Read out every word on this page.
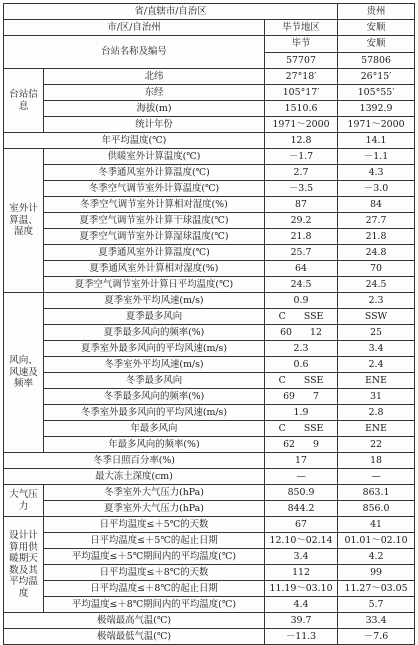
省/直辖市/自治区			贵州
市/区/自治州		毕节地区	安顺
台站名称及编号		毕节	安顺
		57707	57806
台站信息	北纬	27°18′	26°15′
	东经	105°17′	105°55′
	海拔(m)	1510.6	1392.9
	统计年份	1971～2000	1971～2000
年平均温度(℃)		12.8	14.1
室外计算温、湿度	供暖室外计算温度(℃)	－1.7	－1.1
	冬季通风室外计算温度(℃)	2.7	4.3
	冬季空气调节室外计算温度(℃)	－3.5	－3.0
	冬季空气调节室外计算相对湿度(%)	87	84
	夏季空气调节室外计算干球温度(℃)	29.2	27.7
	夏季空气调节室外计算湿球温度(℃)	21.8	21.8
	夏季通风室外计算温度(℃)	25.7	24.8
	夏季通风室外计算相对湿度(%)	64	70
	夏季空气调节室外计算日平均温度(℃)	24.5	24.5
风向、风速及频率	夏季室外平均风速(m/s)	0.9	2.3
	夏季最多风向	C SSE	SSW
	夏季最多风向的频率(%)	60 12	25
	夏季室外最多风向的平均风速(m/s)	2.3	3.4
	冬季室外平均风速(m/s)	0.6	2.4
	冬季最多风向	C SSE	ENE
	冬季最多风向的频率(%)	69 7	31
	冬季室外最多风向的平均风速(m/s)	1.9	2.8
	年最多风向	C SSE	ENE
	年最多风向的频率(%)	62 9	22
冬季日照百分率(%)		17	18
最大冻土深度(cm)		—	—
大气压力	冬季室外大气压力(hPa)	850.9	863.1
	夏季室外大气压力(hPa)	844.2	856.0
设计计算用供暖期天数及其平均温度	日平均温度≤＋5℃的天数	67	41
	日平均温度≤＋5℃的起止日期	12.10～02.14	01.01～02.10
	平均温度≤＋5℃期间内的平均温度(℃)	3.4	4.2
	日平均温度≤＋8℃的天数	112	99
	日平均温度≤＋8℃的起止日期	11.19～03.10	11.27～03.05
	平均温度≤＋8℃期间内的平均温度(℃)	4.4	5.7
极端最高气温(℃)		39.7	33.4
极端最低气温(℃)		－11.3	－7.6
